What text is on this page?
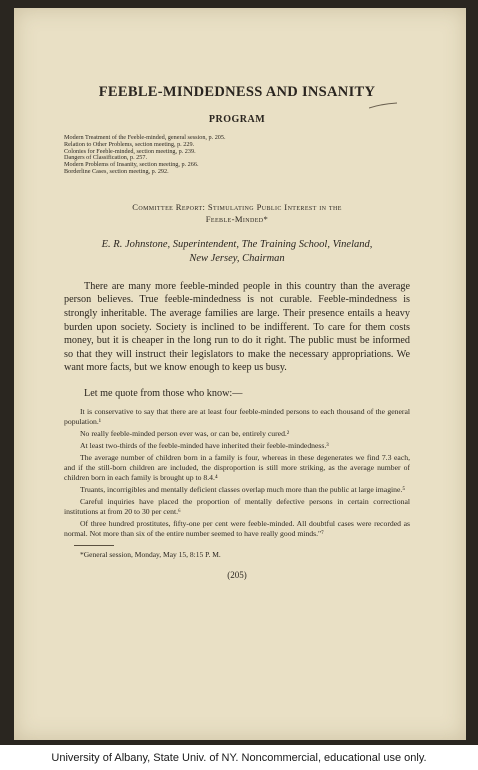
FEEBLE-MINDEDNESS AND INSANITY
PROGRAM
Modern Treatment of the Feeble-minded, general session, p. 205.
Relation to Other Problems, section meeting, p. 229.
Colonies for Feeble-minded, section meeting, p. 239.
Dangers of Classification, p. 257.
Modern Problems of Insanity, section meeting, p. 266.
Borderline Cases, section meeting, p. 292.
Committee Report: Stimulating Public Interest in the
Feeble-Minded*
E. R. Johnstone, Superintendent, The Training School, Vineland,
New Jersey, Chairman
There are many more feeble-minded people in this country than the average person believes. True feeble-mindedness is not curable. Feeble-mindedness is strongly inheritable. The average families are large. Their presence entails a heavy burden upon society. Society is inclined to be indifferent. To care for them costs money, but it is cheaper in the long run to do it right. The public must be informed so that they will instruct their legislators to make the necessary appropriations. We want more facts, but we know enough to keep us busy.
Let me quote from those who know:—

It is conservative to say that there are at least four feeble-minded persons to each thousand of the general population.¹

No really feeble-minded person ever was, or can be, entirely cured.²

At least two-thirds of the feeble-minded have inherited their feeble-mindedness.³

The average number of children born in a family is four, whereas in these degenerates we find 7.3 each, and if the still-born children are included, the disproportion is still more striking, as the average number of children born in each family is brought up to 8.4.⁴

Truants, incorrigibles and mentally deficient classes overlap much more than the public at large imagine.⁵

Careful inquiries have placed the proportion of mentally defective persons in certain correctional institutions at from 20 to 30 per cent.⁶

Of three hundred prostitutes, fifty-one per cent were feeble-minded. All doubtful cases were recorded as normal. Not more than six of the entire number seemed to have really good minds."⁷

*General session, Monday, May 15, 8:15 P. M.
(205)
University of Albany, State Univ. of NY. Noncommercial, educational use only.
